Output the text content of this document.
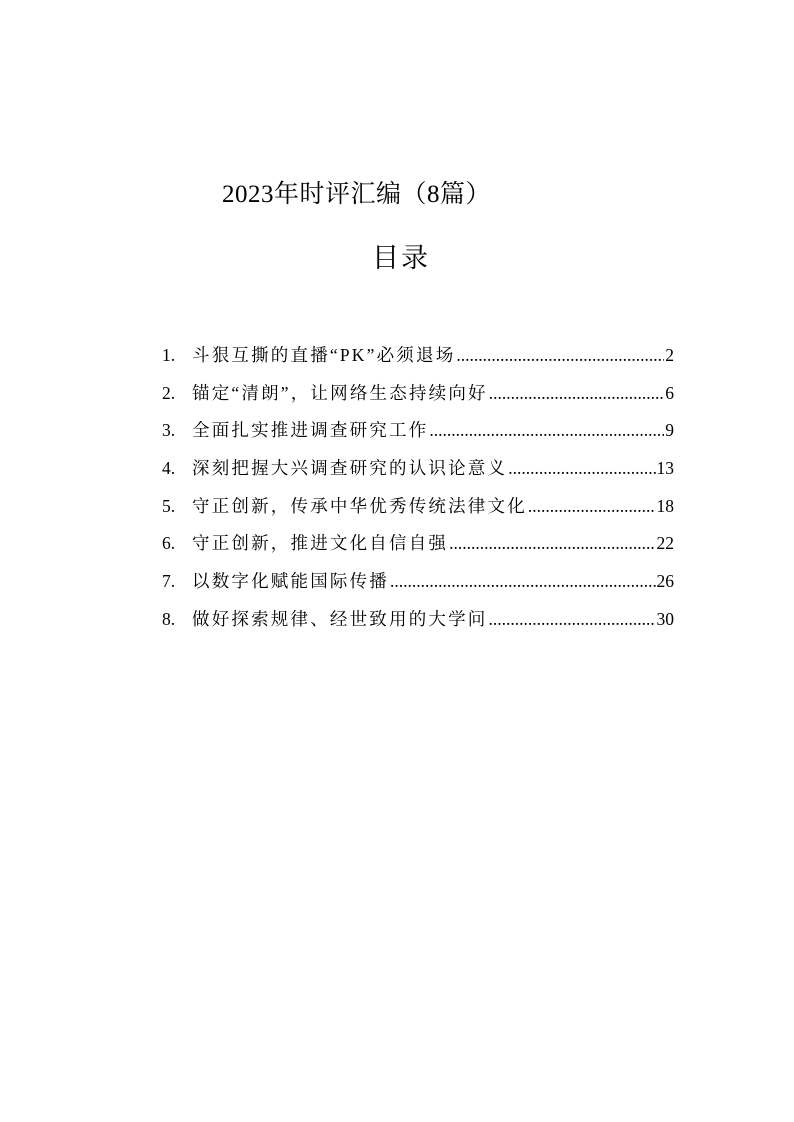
2023年时评汇编（8篇）
目录
1. 斗狠互撕的直播“PK”必须退场 .....	2
2. 锚定“清朗”，让网络生态持续向好 .....	6
3. 全面扎实推进调查研究工作 .....	9
4. 深刻把握大兴调查研究的认识论意义 .....	13
5. 守正创新，传承中华优秀传统法律文化 .....	18
6. 守正创新，推进文化自信自强 .....	22
7. 以数字化赋能国际传播 .....	26
8. 做好探索规律、经世致用的大学问 .....	30
